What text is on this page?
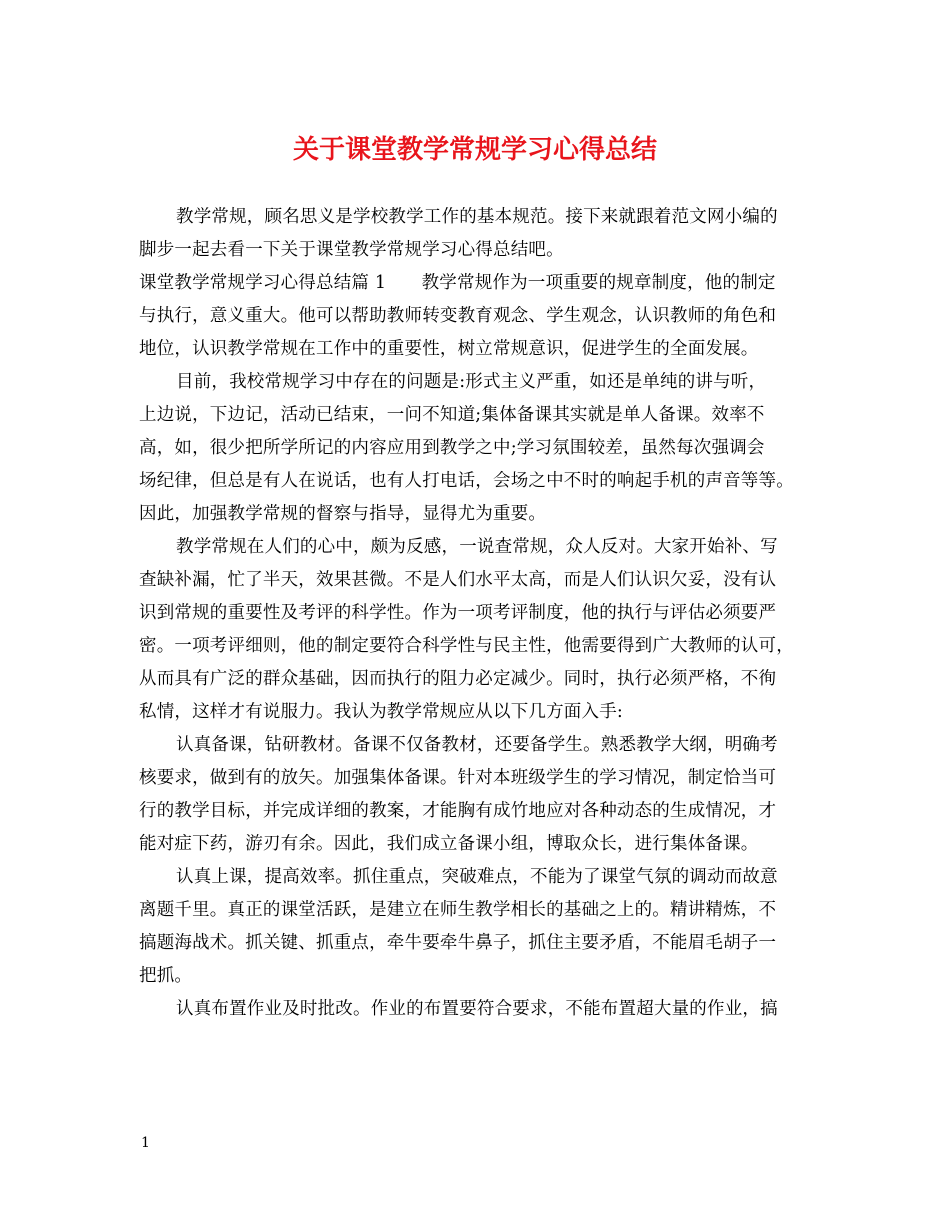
关于课堂教学常规学习心得总结
教学常规，顾名思义是学校教学工作的基本规范。接下来就跟着范文网小编的
脚步一起去看一下关于课堂教学常规学习心得总结吧。
课堂教学常规学习心得总结篇 1　　教学常规作为一项重要的规章制度，他的制定
与执行，意义重大。他可以帮助教师转变教育观念、学生观念，认识教师的角色和
地位，认识教学常规在工作中的重要性，树立常规意识，促进学生的全面发展。
目前，我校常规学习中存在的问题是:形式主义严重，如还是单纯的讲与听，
上边说，下边记，活动已结束，一问不知道;集体备课其实就是单人备课。效率不
高，如，很少把所学所记的内容应用到教学之中;学习氛围较差，虽然每次强调会
场纪律，但总是有人在说话，也有人打电话，会场之中不时的响起手机的声音等等。
因此，加强教学常规的督察与指导，显得尤为重要。
教学常规在人们的心中，颇为反感，一说查常规，众人反对。大家开始补、写
查缺补漏，忙了半天，效果甚微。不是人们水平太高，而是人们认识欠妥，没有认
识到常规的重要性及考评的科学性。作为一项考评制度，他的执行与评估必须要严
密。一项考评细则，他的制定要符合科学性与民主性，他需要得到广大教师的认可，
从而具有广泛的群众基础，因而执行的阻力必定减少。同时，执行必须严格，不徇
私情，这样才有说服力。我认为教学常规应从以下几方面入手:
认真备课，钻研教材。备课不仅备教材，还要备学生。熟悉教学大纲，明确考
核要求，做到有的放矢。加强集体备课。针对本班级学生的学习情况，制定恰当可
行的教学目标，并完成详细的教案，才能胸有成竹地应对各种动态的生成情况，才
能对症下药，游刃有余。因此，我们成立备课小组，博取众长，进行集体备课。
认真上课，提高效率。抓住重点，突破难点，不能为了课堂气氛的调动而故意
离题千里。真正的课堂活跃，是建立在师生教学相长的基础之上的。精讲精炼，不
搞题海战术。抓关键、抓重点，牵牛要牵牛鼻子，抓住主要矛盾，不能眉毛胡子一
把抓。
认真布置作业及时批改。作业的布置要符合要求，不能布置超大量的作业，搞
1
